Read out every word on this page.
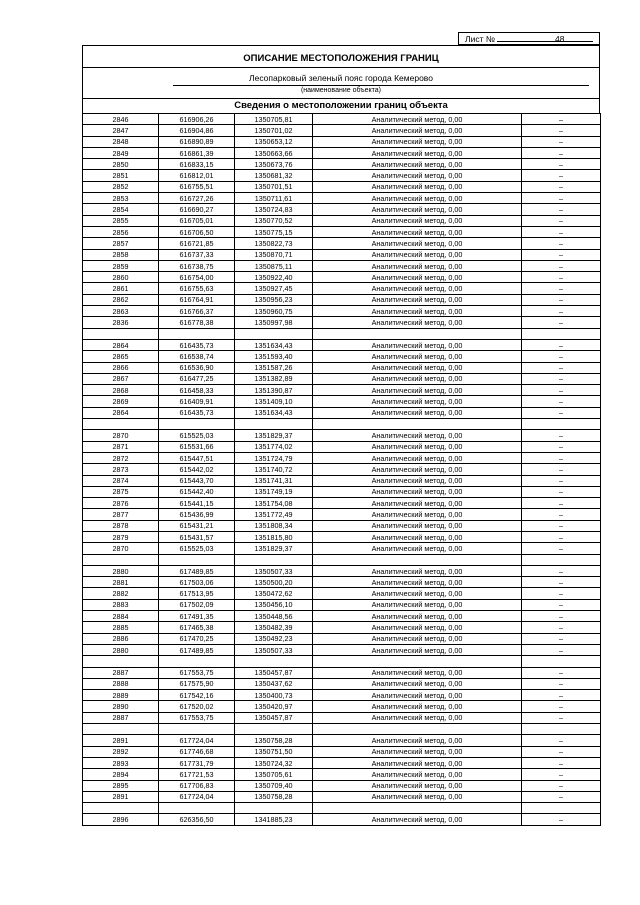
Лист №	48
ОПИСАНИЕ МЕСТОПОЛОЖЕНИЯ ГРАНИЦ
Лесопарковый зеленый пояс города Кемерово
(наименование объекта)
Сведения о местоположении границ объекта
2846	616906,26	1350705,81	Аналитический метод, 0,00	–
2847	616904,86	1350701,02	Аналитический метод, 0,00	–
2848	616890,89	1350653,12	Аналитический метод, 0,00	–
2849	616861,39	1350663,66	Аналитический метод, 0,00	–
2850	616833,15	1350673,76	Аналитический метод, 0,00	–
2851	616812,01	1350681,32	Аналитический метод, 0,00	–
2852	616755,51	1350701,51	Аналитический метод, 0,00	–
2853	616727,26	1350711,61	Аналитический метод, 0,00	–
2854	616690,27	1350724,83	Аналитический метод, 0,00	–
2855	616705,01	1350770,52	Аналитический метод, 0,00	–
2856	616706,50	1350775,15	Аналитический метод, 0,00	–
2857	616721,85	1350822,73	Аналитический метод, 0,00	–
2858	616737,33	1350870,71	Аналитический метод, 0,00	–
2859	616738,75	1350875,11	Аналитический метод, 0,00	–
2860	616754,00	1350922,40	Аналитический метод, 0,00	–
2861	616755,63	1350927,45	Аналитический метод, 0,00	–
2862	616764,91	1350956,23	Аналитический метод, 0,00	–
2863	616766,37	1350960,75	Аналитический метод, 0,00	–
2836	616778,38	1350997,98	Аналитический метод, 0,00	–

2864	616435,73	1351634,43	Аналитический метод, 0,00	–
2865	616538,74	1351593,40	Аналитический метод, 0,00	–
2866	616536,90	1351587,26	Аналитический метод, 0,00	–
2867	616477,25	1351382,89	Аналитический метод, 0,00	–
2868	616458,33	1351390,87	Аналитический метод, 0,00	–
2869	616409,91	1351409,10	Аналитический метод, 0,00	–
2864	616435,73	1351634,43	Аналитический метод, 0,00	–

2870	615525,03	1351829,37	Аналитический метод, 0,00	–
2871	615531,66	1351774,02	Аналитический метод, 0,00	–
2872	615447,51	1351724,79	Аналитический метод, 0,00	–
2873	615442,02	1351740,72	Аналитический метод, 0,00	–
2874	615443,70	1351741,31	Аналитический метод, 0,00	–
2875	615442,40	1351749,19	Аналитический метод, 0,00	–
2876	615441,15	1351754,08	Аналитический метод, 0,00	–
2877	615436,99	1351772,49	Аналитический метод, 0,00	–
2878	615431,21	1351808,34	Аналитический метод, 0,00	–
2879	615431,57	1351815,80	Аналитический метод, 0,00	–
2870	615525,03	1351829,37	Аналитический метод, 0,00	–

2880	617489,85	1350507,33	Аналитический метод, 0,00	–
2881	617503,06	1350500,20	Аналитический метод, 0,00	–
2882	617513,95	1350472,62	Аналитический метод, 0,00	–
2883	617502,09	1350456,10	Аналитический метод, 0,00	–
2884	617491,35	1350448,56	Аналитический метод, 0,00	–
2885	617465,38	1350482,39	Аналитический метод, 0,00	–
2886	617470,25	1350492,23	Аналитический метод, 0,00	–
2880	617489,85	1350507,33	Аналитический метод, 0,00	–

2887	617553,75	1350457,87	Аналитический метод, 0,00	–
2888	617575,90	1350437,62	Аналитический метод, 0,00	–
2889	617542,16	1350400,73	Аналитический метод, 0,00	–
2890	617520,02	1350420,97	Аналитический метод, 0,00	–
2887	617553,75	1350457,87	Аналитический метод, 0,00	–

2891	617724,04	1350758,28	Аналитический метод, 0,00	–
2892	617746,68	1350751,50	Аналитический метод, 0,00	–
2893	617731,79	1350724,32	Аналитический метод, 0,00	–
2894	617721,53	1350705,61	Аналитический метод, 0,00	–
2895	617706,83	1350709,40	Аналитический метод, 0,00	–
2891	617724,04	1350758,28	Аналитический метод, 0,00	–

2896	626356,50	1341885,23	Аналитический метод, 0,00	–
